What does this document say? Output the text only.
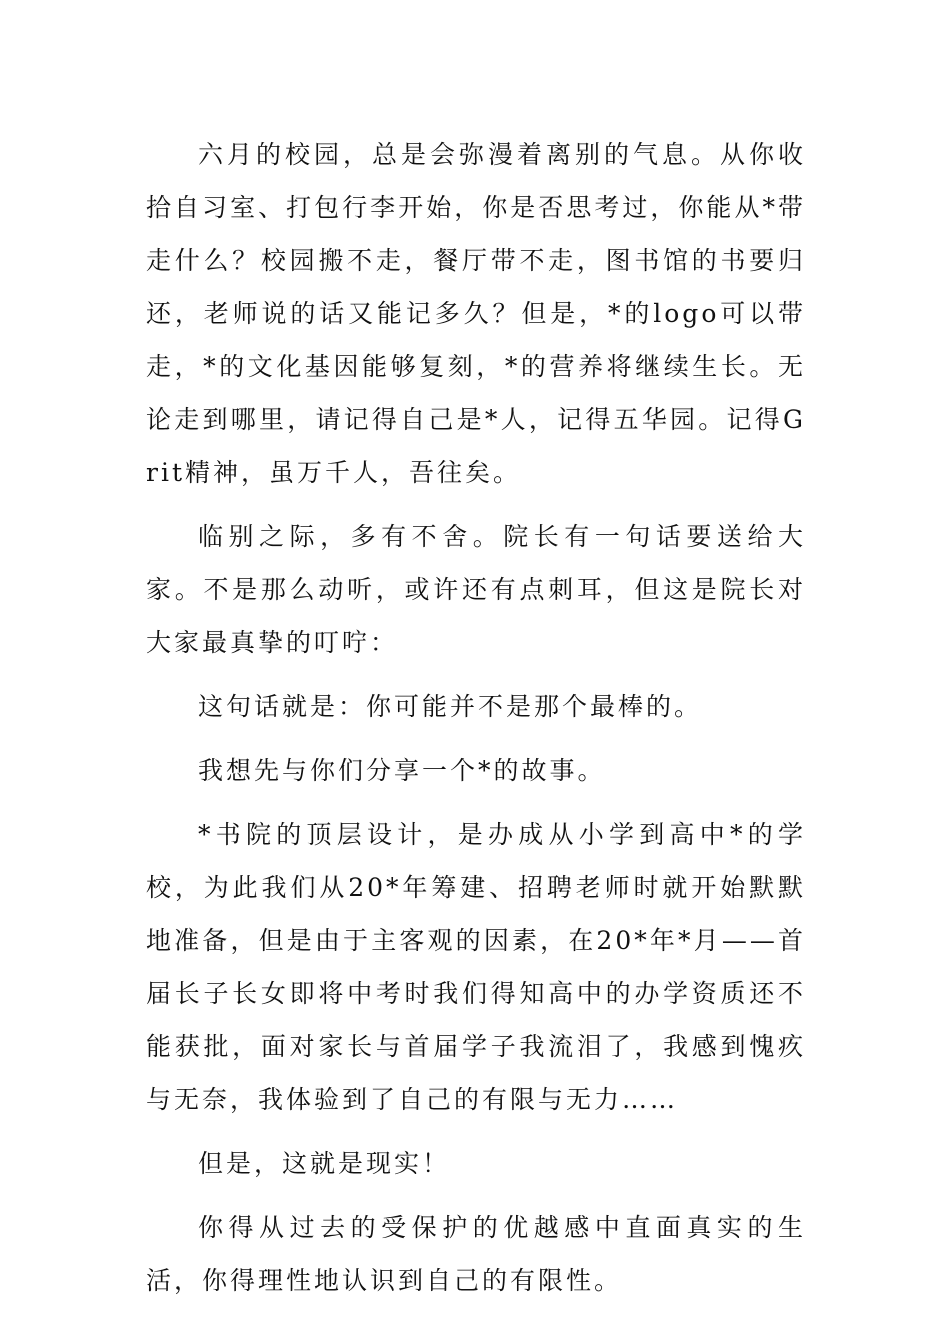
六月的校园，总是会弥漫着离别的气息。从你收拾自习室、打包行李开始，你是否思考过，你能从*带走什么？校园搬不走，餐厅带不走，图书馆的书要归还，老师说的话又能记多久？但是，*的logo可以带走，*的文化基因能够复刻，*的营养将继续生长。无论走到哪里，请记得自己是*人，记得五华园。记得Grit精神，虽万千人，吾往矣。

临别之际，多有不舍。院长有一句话要送给大家。不是那么动听，或许还有点刺耳，但这是院长对大家最真挚的叮咛：

这句话就是：你可能并不是那个最棒的。

我想先与你们分享一个*的故事。

*书院的顶层设计，是办成从小学到高中*的学校，为此我们从20*年筹建、招聘老师时就开始默默地准备，但是由于主客观的因素，在20*年*月——首届长子长女即将中考时我们得知高中的办学资质还不能获批，面对家长与首届学子我流泪了，我感到愧疚与无奈，我体验到了自己的有限与无力……

但是，这就是现实！

你得从过去的受保护的优越感中直面真实的生活，你得理性地认识到自己的有限性。
